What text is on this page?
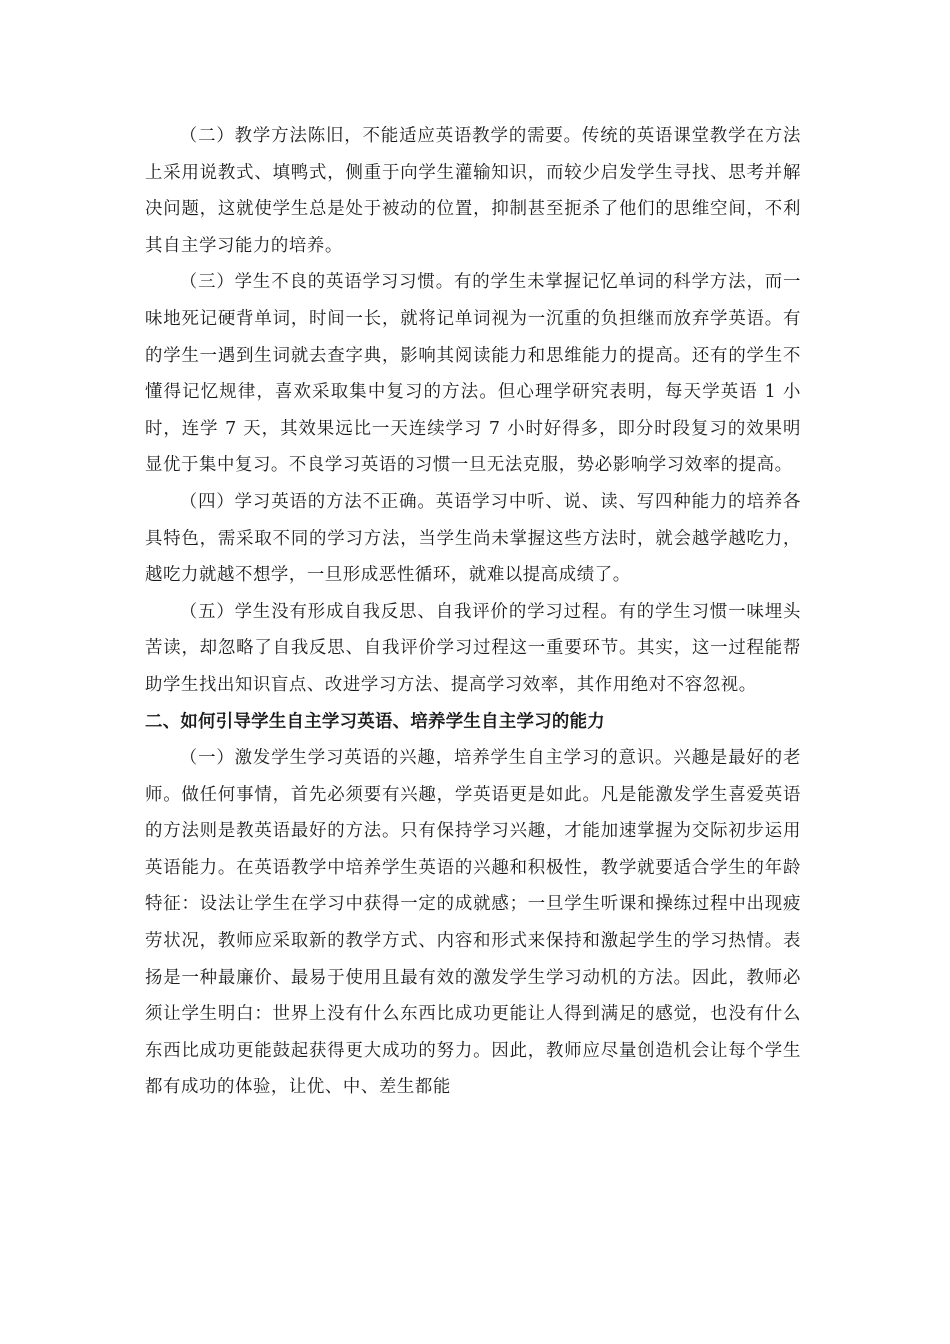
（二）教学方法陈旧，不能适应英语教学的需要。传统的英语课堂教学在方法上采用说教式、填鸭式，侧重于向学生灌输知识，而较少启发学生寻找、思考并解决问题，这就使学生总是处于被动的位置，抑制甚至扼杀了他们的思维空间，不利其自主学习能力的培养。

（三）学生不良的英语学习习惯。有的学生未掌握记忆单词的科学方法，而一味地死记硬背单词，时间一长，就将记单词视为一沉重的负担继而放弃学英语。有的学生一遇到生词就去查字典，影响其阅读能力和思维能力的提高。还有的学生不懂得记忆规律，喜欢采取集中复习的方法。但心理学研究表明，每天学英语 1 小时，连学 7 天，其效果远比一天连续学习 7 小时好得多，即分时段复习的效果明显优于集中复习。不良学习英语的习惯一旦无法克服，势必影响学习效率的提高。

（四）学习英语的方法不正确。英语学习中听、说、读、写四种能力的培养各具特色，需采取不同的学习方法，当学生尚未掌握这些方法时，就会越学越吃力，越吃力就越不想学，一旦形成恶性循环，就难以提高成绩了。

（五）学生没有形成自我反思、自我评价的学习过程。有的学生习惯一味埋头苦读，却忽略了自我反思、自我评价学习过程这一重要环节。其实，这一过程能帮助学生找出知识盲点、改进学习方法、提高学习效率，其作用绝对不容忽视。

二、如何引导学生自主学习英语、培养学生自主学习的能力

（一）激发学生学习英语的兴趣，培养学生自主学习的意识。兴趣是最好的老师。做任何事情，首先必须要有兴趣，学英语更是如此。凡是能激发学生喜爱英语的方法则是教英语最好的方法。只有保持学习兴趣，才能加速掌握为交际初步运用英语能力。在英语教学中培养学生英语的兴趣和积极性，教学就要适合学生的年龄特征：设法让学生在学习中获得一定的成就感；一旦学生听课和操练过程中出现疲劳状况，教师应采取新的教学方式、内容和形式来保持和激起学生的学习热情。表扬是一种最廉价、最易于使用且最有效的激发学生学习动机的方法。因此，教师必须让学生明白：世界上没有什么东西比成功更能让人得到满足的感觉，也没有什么东西比成功更能鼓起获得更大成功的努力。因此，教师应尽量创造机会让每个学生都有成功的体验，让优、中、差生都能
